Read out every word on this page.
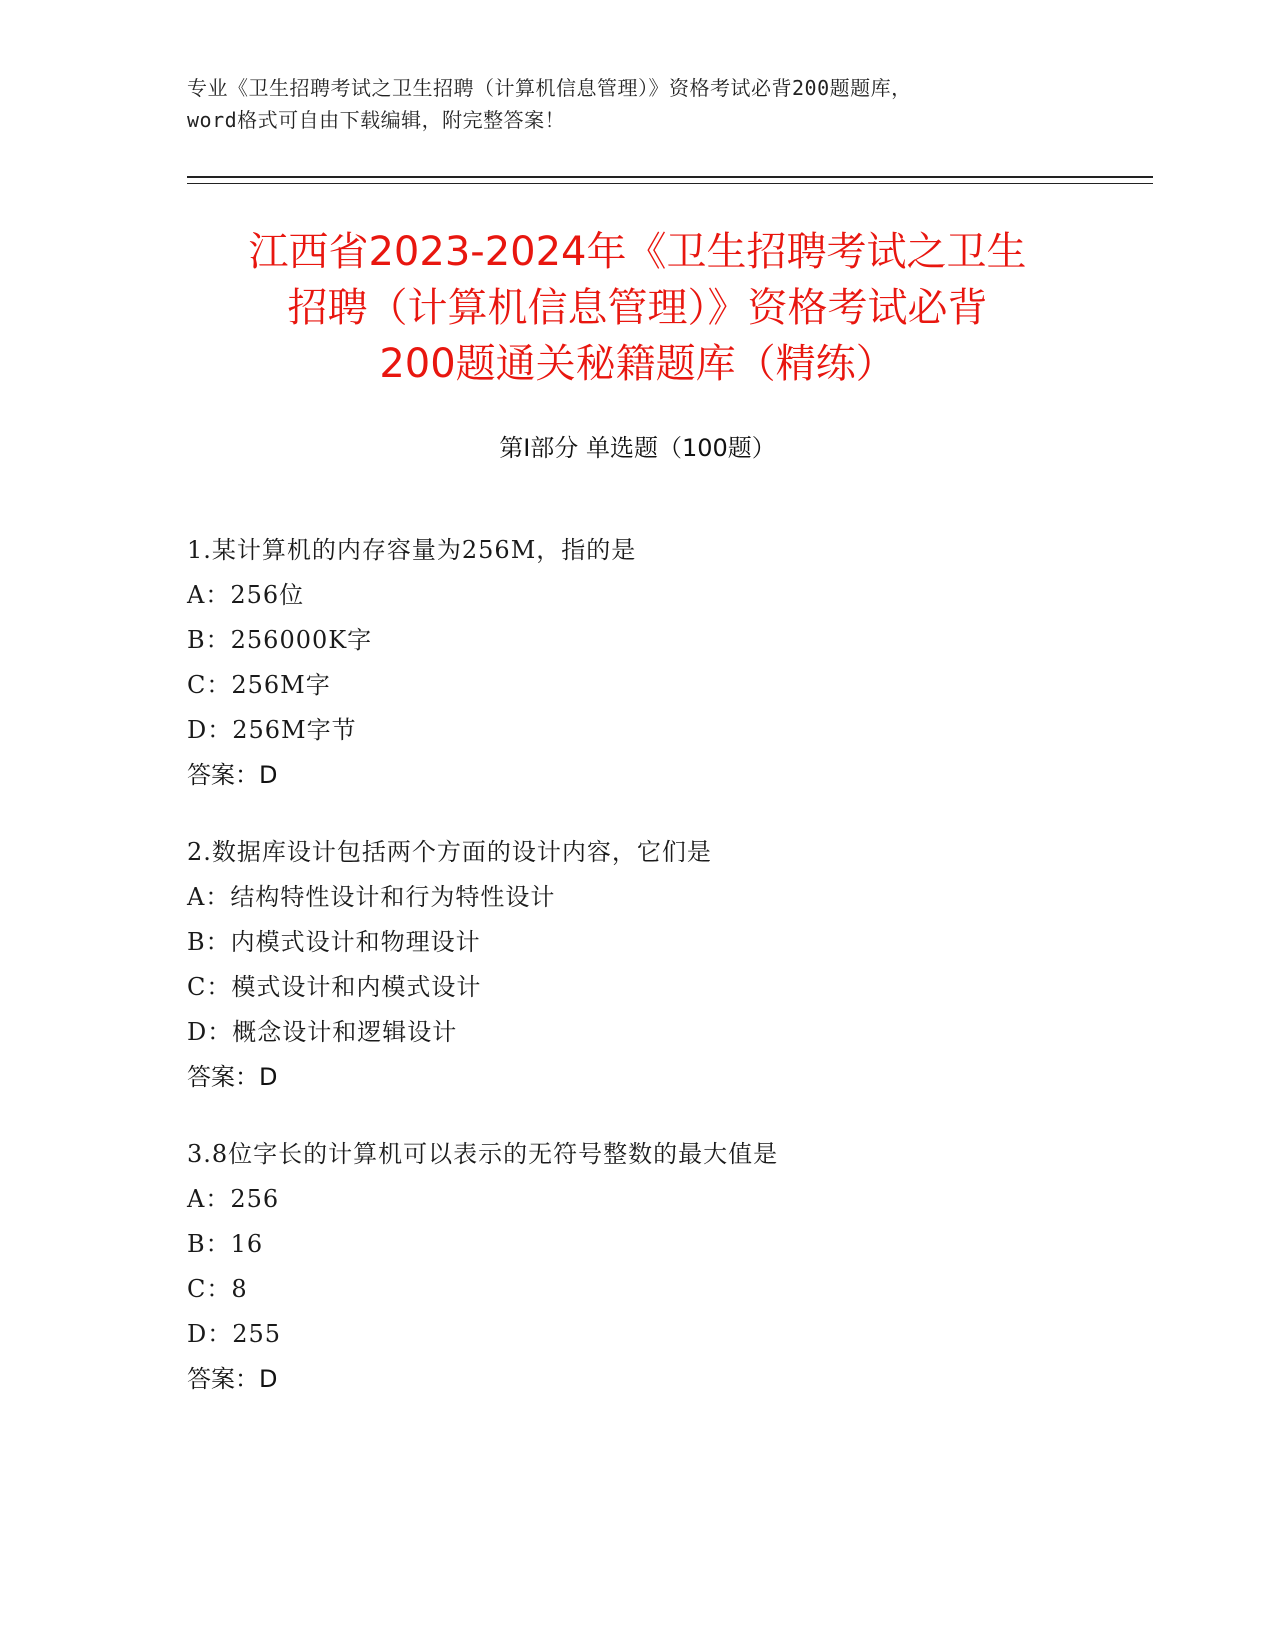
专业《卫生招聘考试之卫生招聘（计算机信息管理）》资格考试必背200题题库，
word格式可自由下载编辑，附完整答案！
江西省2023-2024年《卫生招聘考试之卫生
招聘（计算机信息管理）》资格考试必背
200题通关秘籍题库（精练）
第Ⅰ部分 单选题（100题）
1.某计算机的内存容量为256M，指的是
A：256位
B：256000K字
C：256M字
D：256M字节
答案：D
2.数据库设计包括两个方面的设计内容，它们是
A：结构特性设计和行为特性设计
B：内模式设计和物理设计
C：模式设计和内模式设计
D：概念设计和逻辑设计
答案：D
3.8位字长的计算机可以表示的无符号整数的最大值是
A：256
B：16
C：8
D：255
答案：D
